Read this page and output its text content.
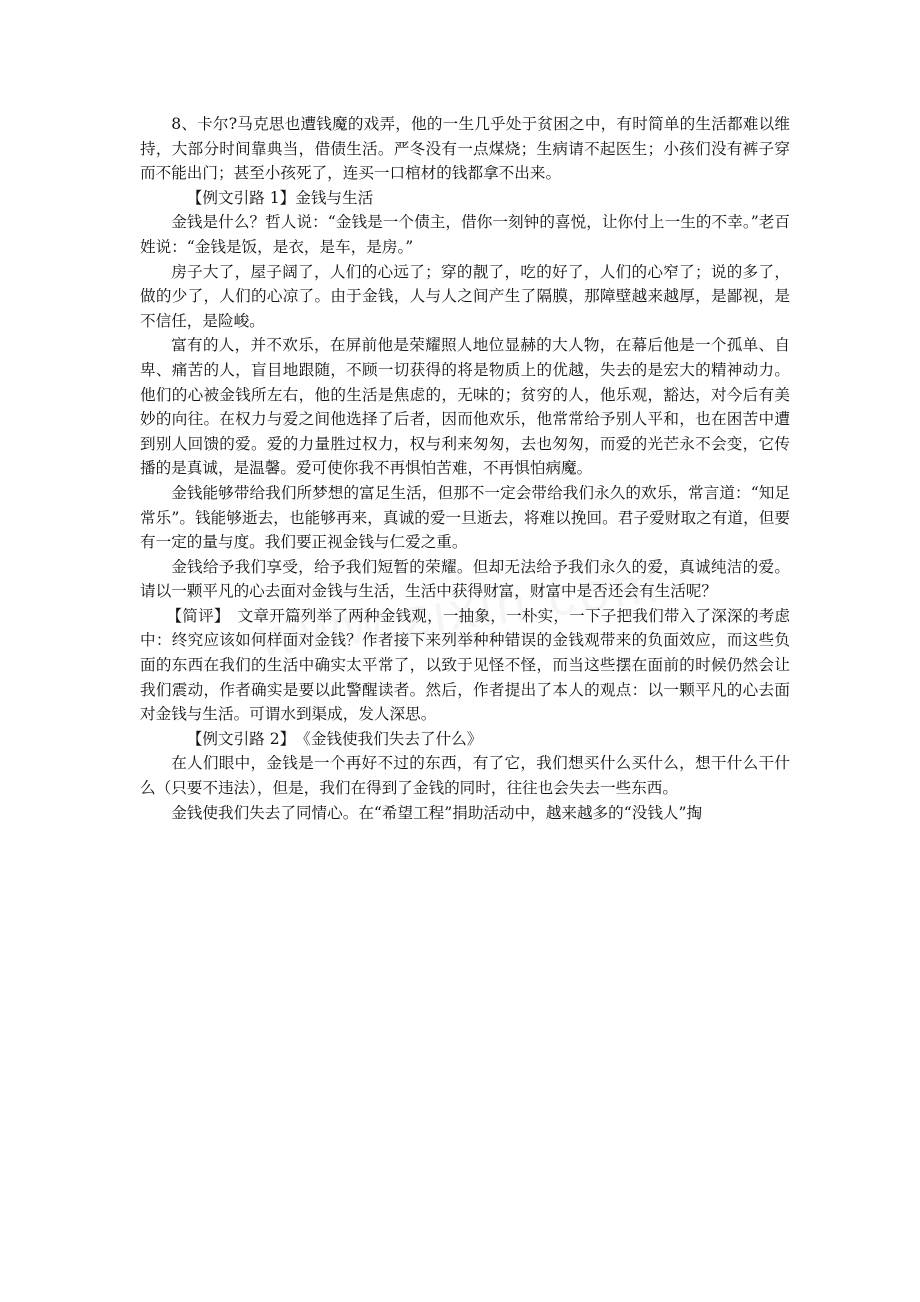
8、卡尔?马克思也遭钱魔的戏弄，他的一生几乎处于贫困之中，有时简单的生活都难以维持，大部分时间靠典当，借债生活。严冬没有一点煤烧；生病请不起医生；小孩们没有裤子穿而不能出门；甚至小孩死了，连买一口棺材的钱都拿不出来。

【例文引路 1】金钱与生活

金钱是什么？哲人说：“金钱是一个债主，借你一刻钟的喜悦，让你付上一生的不幸。”老百姓说：“金钱是饭，是衣，是车，是房。”

房子大了，屋子阔了，人们的心远了；穿的靓了，吃的好了，人们的心窄了；说的多了，做的少了，人们的心凉了。由于金钱，人与人之间产生了隔膜，那障壁越来越厚，是鄙视，是不信任，是险峻。

富有的人，并不欢乐，在屏前他是荣耀照人地位显赫的大人物，在幕后他是一个孤单、自卑、痛苦的人，盲目地跟随，不顾一切获得的将是物质上的优越，失去的是宏大的精神动力。他们的心被金钱所左右，他的生活是焦虑的，无味的；贫穷的人，他乐观，豁达，对今后有美妙的向往。在权力与爱之间他选择了后者，因而他欢乐，他常常给予别人平和，也在困苦中遭到别人回馈的爱。爱的力量胜过权力，权与利来匆匆，去也匆匆，而爱的光芒永不会变，它传播的是真诚，是温馨。爱可使你我不再惧怕苦难，不再惧怕病魔。

金钱能够带给我们所梦想的富足生活，但那不一定会带给我们永久的欢乐，常言道：“知足常乐”。钱能够逝去，也能够再来，真诚的爱一旦逝去，将难以挽回。君子爱财取之有道，但要有一定的量与度。我们要正视金钱与仁爱之重。

金钱给予我们享受，给予我们短暂的荣耀。但却无法给予我们永久的爱，真诚纯洁的爱。请以一颗平凡的心去面对金钱与生活，生活中获得财富，财富中是否还会有生活呢？

【简评】　文章开篇列举了两种金钱观，一抽象，一朴实，一下子把我们带入了深深的考虑中：终究应该如何样面对金钱？作者接下来列举种种错误的金钱观带来的负面效应，而这些负面的东西在我们的生活中确实太平常了，以致于见怪不怪，而当这些摆在面前的时候仍然会让我们震动，作者确实是要以此警醒读者。然后，作者提出了本人的观点：以一颗平凡的心去面对金钱与生活。可谓水到渠成，发人深思。

【例文引路 2】　《金钱使我们失去了什么》

在人们眼中，金钱是一个再好不过的东西，有了它，我们想买什么买什么，想干什么干什么（只要不违法），但是，我们在得到了金钱的同时，往往也会失去一些东西。

金钱使我们失去了同情心。在“希望工程”捐助活动中，越来越多的“没钱人”掏
